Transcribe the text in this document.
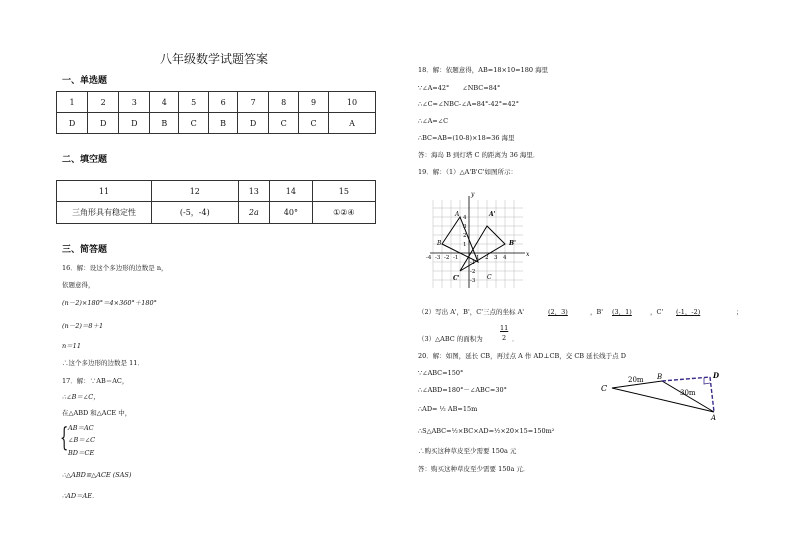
八年级数学试题答案
一、单选题
1	2	3	4	5	6	7	8	9	10
D	D	D	B	C	B	D	C	C	A
二、填空题
11	12	13	14	15
三角形具有稳定性	(-5，-4)	2a	40°	①②④
三、简答题
16．解：设这个多边形的边数是 n，
依题意得，
(n－2)×180°＝4×360°＋180°
(n－2)＝8＋1
n＝11
∴这个多边形的边数是 11．
17．解：∵AB＝AC，
∴∠B＝∠C，
在△ABD 和△ACE 中，
{ AB＝AC
∠B＝∠C
BD＝CE
∴△ABD≌△ACE (SAS)
∴AD＝AE．
18．解：依题意得，AB=18×10=180 海里
∵∠A=42°　　∠NBC=84°
∴∠C=∠NBC-∠A=84°-42°=42°
∴∠A=∠C
∴BC=AB=(10-8)×18=36 海里
答：海岛 B 到灯塔 C 的距离为 36 海里．
19．解：（1）△A'B'C'如图所示：
y
x
A
B
C
A'
B'
C'
-4 -3 -2 -1	1 2 3 4
4
3
2
1
-1
-2
-3
（2）写出 A'，B'，C'三点的坐标 A'	(2，3)	，B' (3，1)	，C' (-1，-2)	；
（3）△ABC 的面积为
11
2 ．
20．解：如图，延长 CB，再过点 A 作 AD⊥CB，交 CB 延长线于点 D
∵∠ABC=150°
∴∠ABD=180°－∠ABC=30°
∴AD= ½ AB=15m
∴S△ABC=½×BC×AD=½×20×15=150m²
∴购买这种草皮至少需要 150a 元
答：购买这种草皮至少需要 150a 元．
C
B	D
A
20m
30m
